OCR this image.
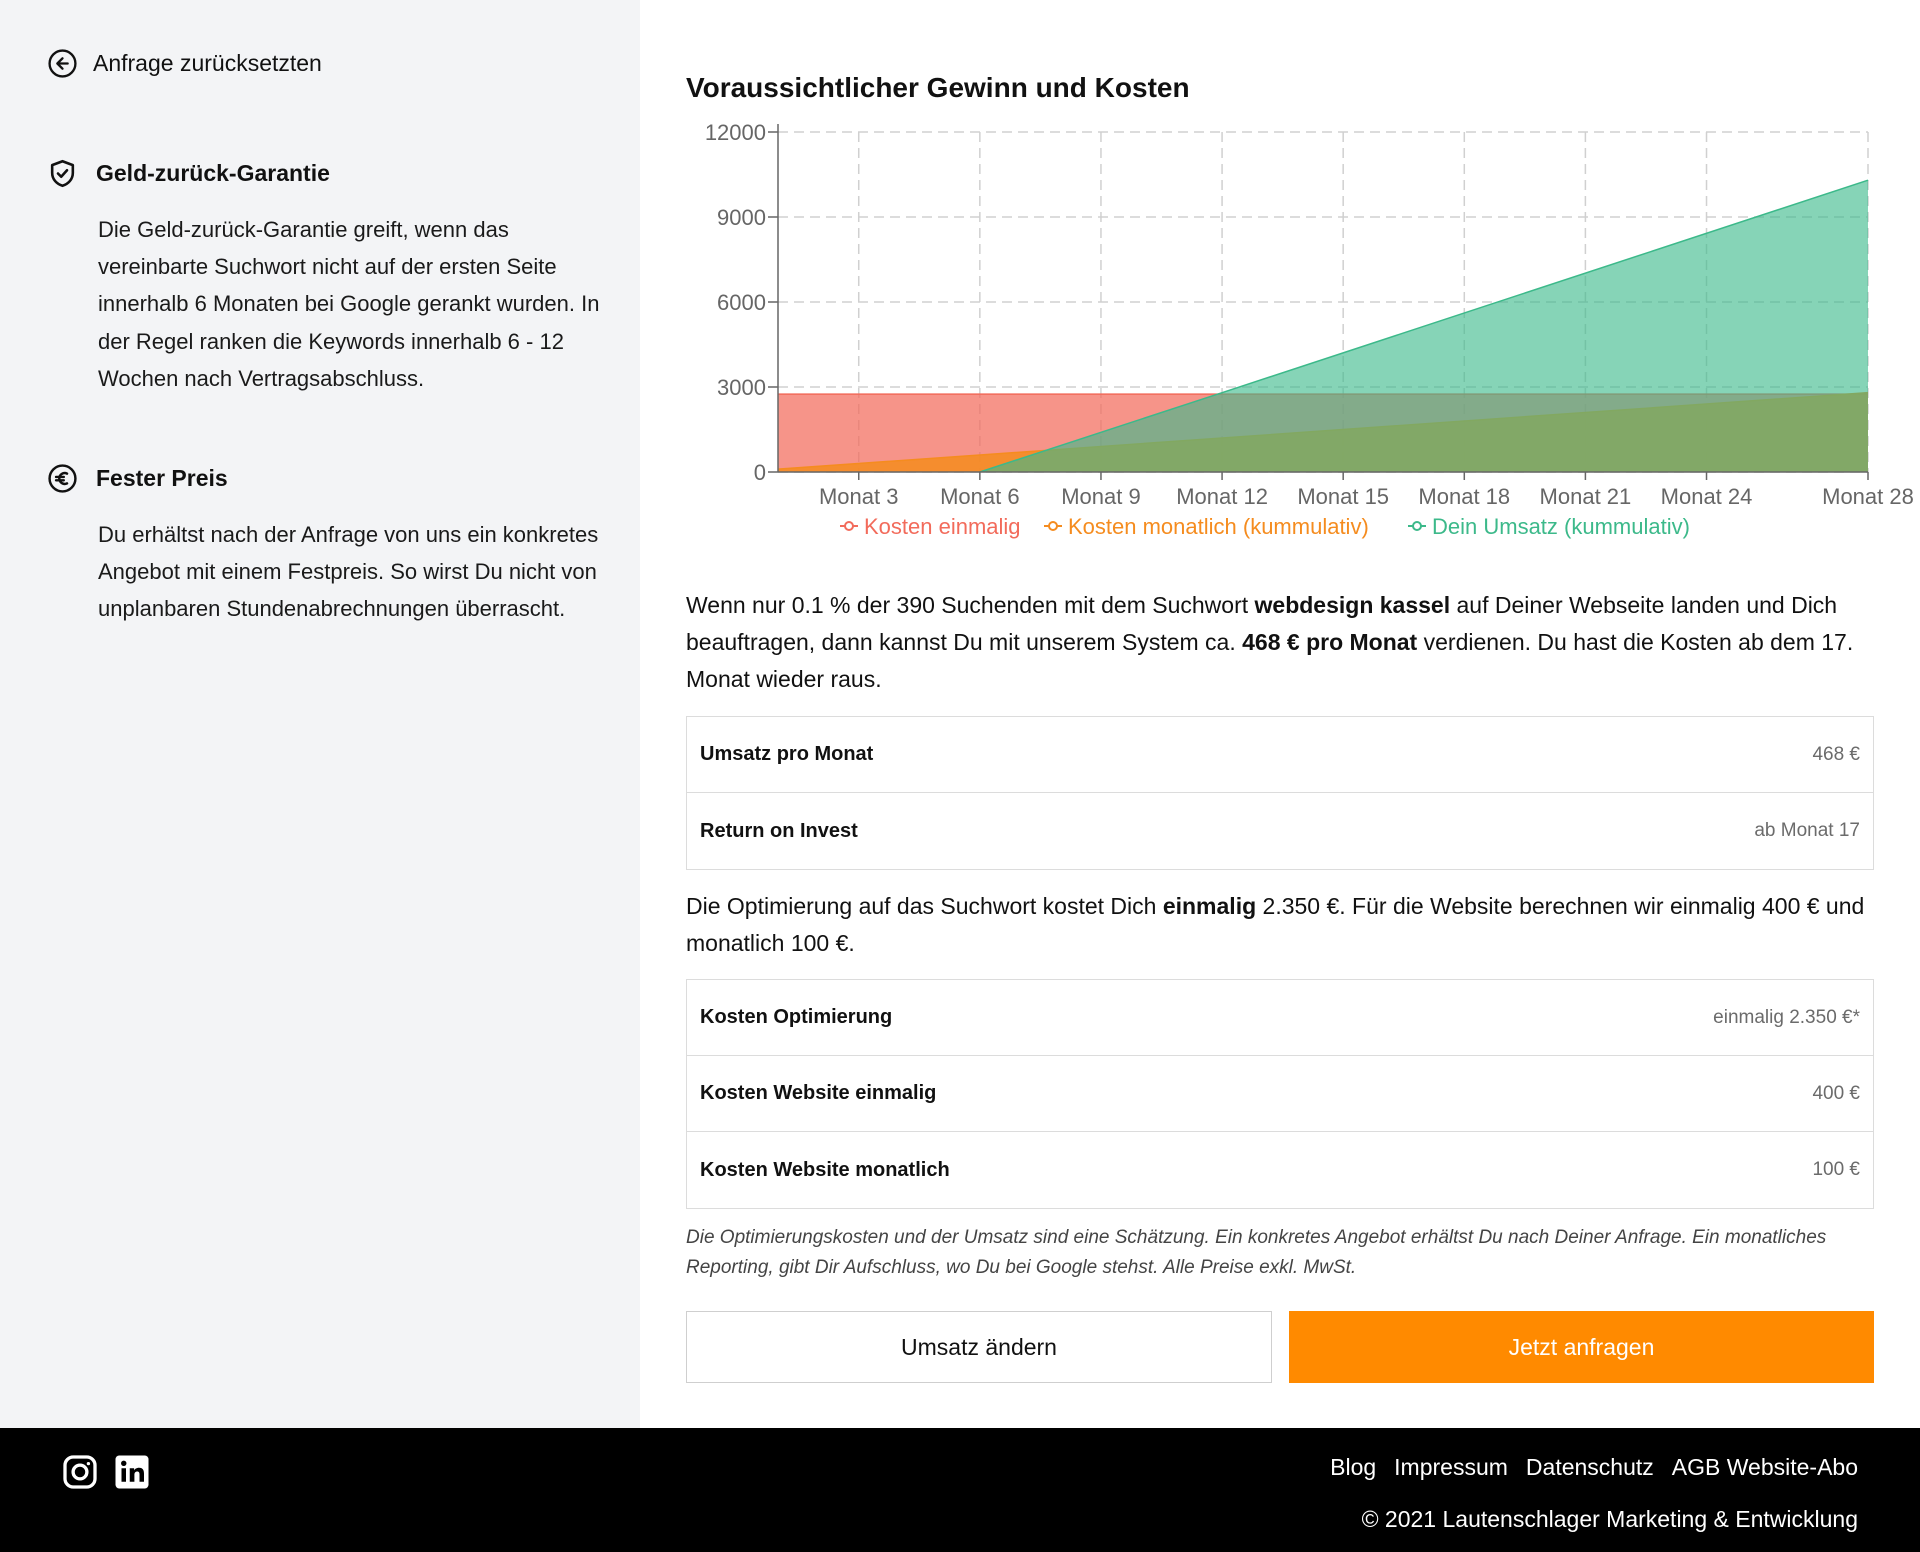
Anfrage zurücksetzten
Geld-zurück-Garantie

Die Geld-zurück-Garantie greift, wenn das vereinbarte Suchwort nicht auf der ersten Seite innerhalb 6 Monaten bei Google gerankt wurden. In der Regel ranken die Keywords innerhalb 6 - 12 Wochen nach Vertragsabschluss.

Fester Preis

Du erhältst nach der Anfrage von uns ein konkretes Angebot mit einem Festpreis. So wirst Du nicht von unplanbaren Stundenabrechnungen überrascht.

Voraussichtlicher Gewinn und Kosten
0
3000
6000
9000
12000
Monat 3 Monat 6 Monat 9 Monat 12 Monat 15 Monat 18 Monat 21 Monat 24	Monat 28
Kosten einmalig Kosten monatlich (kummulativ)	Dein Umsatz (kummulativ)
Wenn nur 0.1 % der 390 Suchenden mit dem Suchwort webdesign kassel auf Deiner Webseite landen und Dich beauftragen, dann kannst Du mit unserem System ca. 468 € pro Monat verdienen. Du hast die Kosten ab dem 17. Monat wieder raus.
Umsatz pro Monat	468 €
Return on Invest	ab Monat 17
Die Optimierung auf das Suchwort kostet Dich einmalig 2.350 €. Für die Website berechnen wir einmalig 400 € und monatlich 100 €.
Kosten Optimierung	einmalig 2.350 €*
Kosten Website einmalig	400 €
Kosten Website monatlich	100 €
Die Optimierungskosten und der Umsatz sind eine Schätzung. Ein konkretes Angebot erhältst Du nach Deiner Anfrage. Ein monatliches Reporting, gibt Dir Aufschluss, wo Du bei Google stehst. Alle Preise exkl. MwSt.
Umsatz ändern	Jetzt anfragen
Blog Impressum Datenschutz AGB Website-Abo
© 2021 Lautenschlager Marketing & Entwicklung
